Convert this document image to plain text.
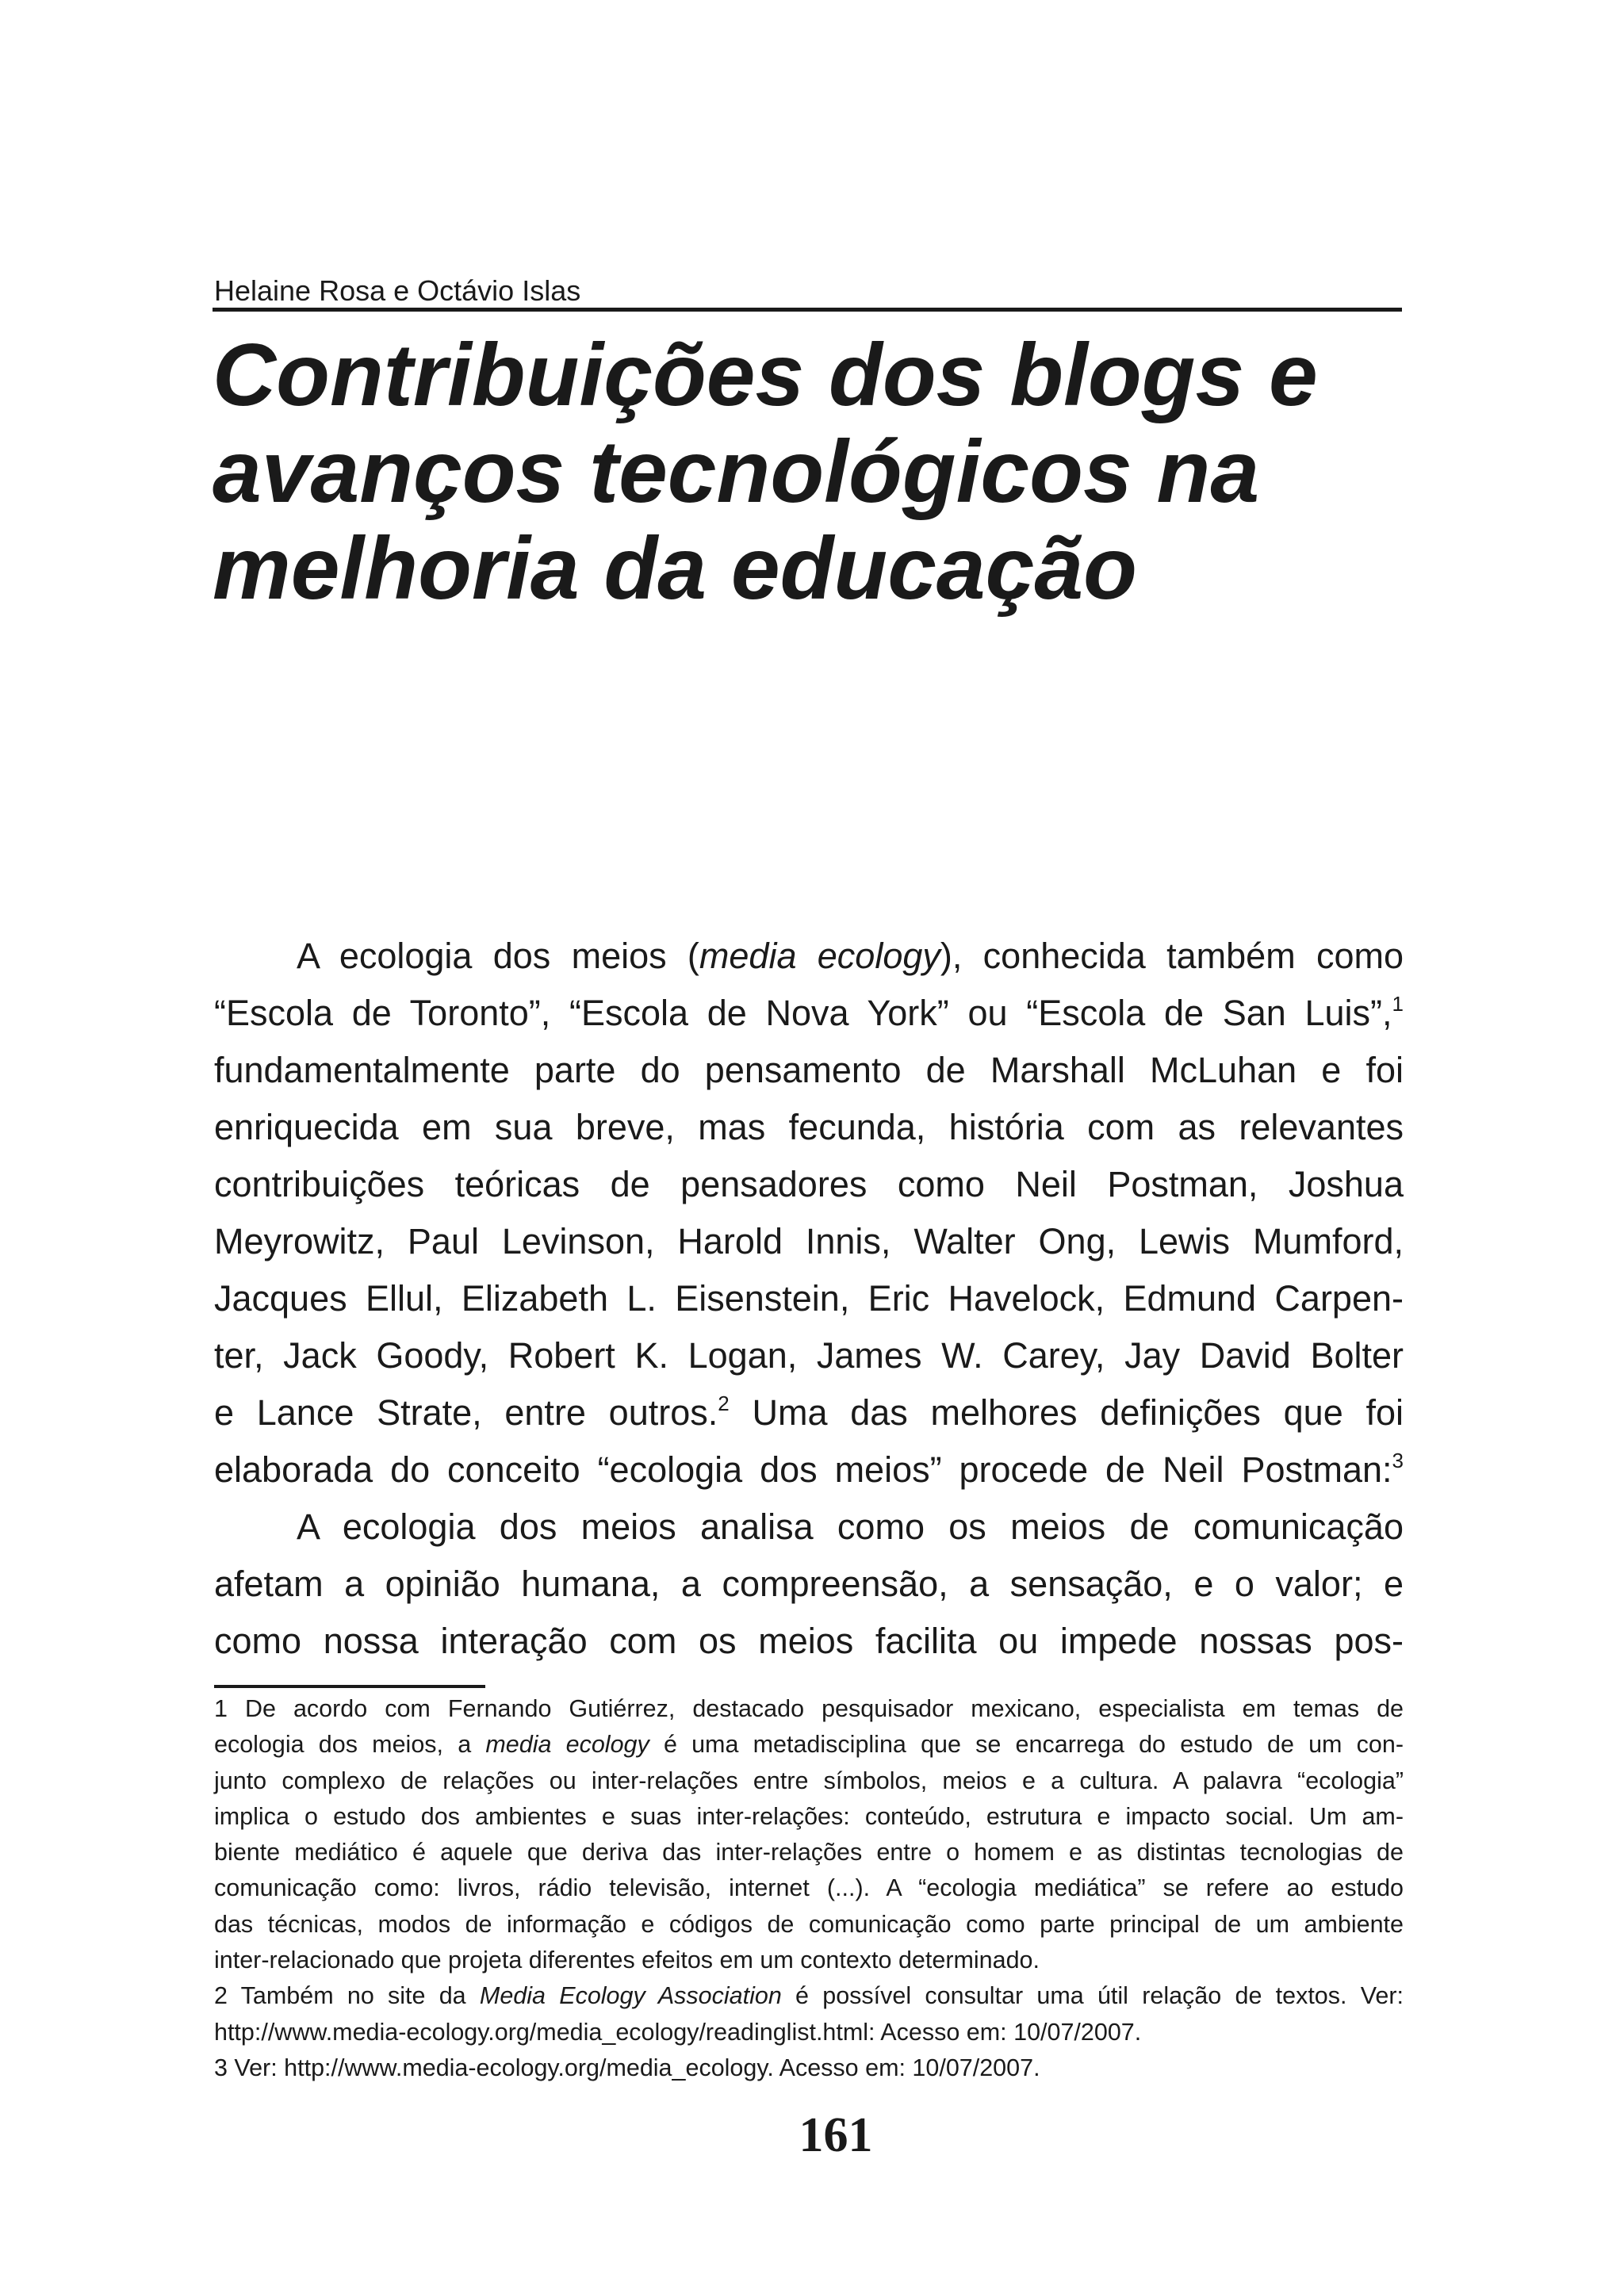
Helaine Rosa e Octávio Islas
Contribuições dos blogs e
avanços tecnológicos na
melhoria da educação
A ecologia dos meios (media ecology), conhecida também como
“Escola de Toronto”, “Escola de Nova York” ou “Escola de San Luis”,$^1$
fundamentalmente parte do pensamento de Marshall McLuhan e foi
enriquecida em sua breve, mas fecunda, história com as relevantes
contribuições teóricas de pensadores como Neil Postman, Joshua
Meyrowitz, Paul Levinson, Harold Innis, Walter Ong, Lewis Mumford,
Jacques Ellul, Elizabeth L. Eisenstein, Eric Havelock, Edmund Carpen-
ter, Jack Goody, Robert K. Logan, James W. Carey, Jay David Bolter
e Lance Strate, entre outros.$^2$ Uma das melhores definições que foi
elaborada do conceito “ecologia dos meios” procede de Neil Postman:$^3$
A ecologia dos meios analisa como os meios de comunicação
afetam a opinião humana, a compreensão, a sensação, e o valor; e
como nossa interação com os meios facilita ou impede nossas pos-
1 De acordo com Fernando Gutiérrez, destacado pesquisador mexicano, especialista em temas de
ecologia dos meios, a media ecology é uma metadisciplina que se encarrega do estudo de um con-
junto complexo de relações ou inter-relações entre símbolos, meios e a cultura. A palavra “ecologia”
implica o estudo dos ambientes e suas inter-relações: conteúdo, estrutura e impacto social. Um am-
biente mediático é aquele que deriva das inter-relações entre o homem e as distintas tecnologias de
comunicação como: livros, rádio televisão, internet (...). A “ecologia mediática” se refere ao estudo
das técnicas, modos de informação e códigos de comunicação como parte principal de um ambiente
inter-relacionado que projeta diferentes efeitos em um contexto determinado.
2 Também no site da Media Ecology Association é possível consultar uma útil relação de textos. Ver:
http://www.media-ecology.org/media_ecology/readinglist.html: Acesso em: 10/07/2007.
3 Ver: http://www.media-ecology.org/media_ecology. Acesso em: 10/07/2007.
161
